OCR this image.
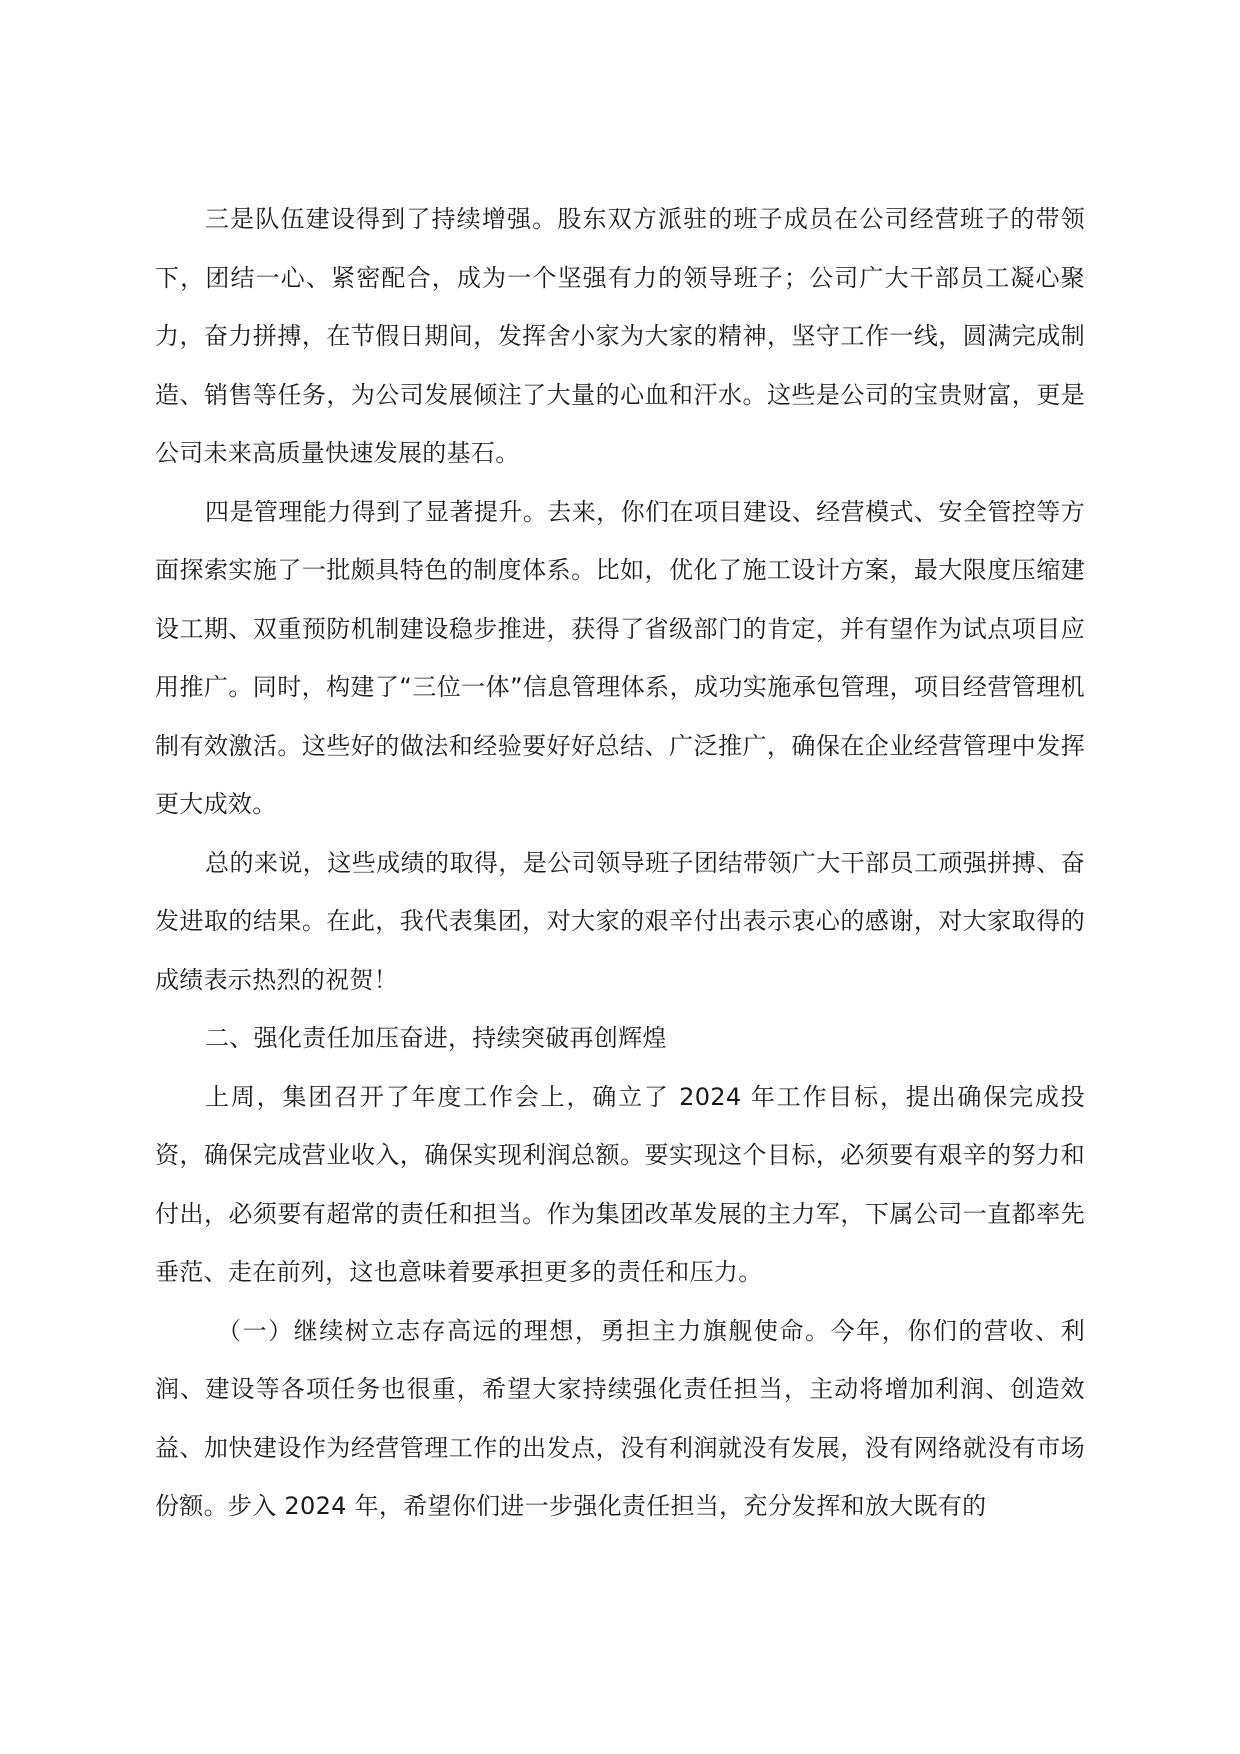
三是队伍建设得到了持续增强。股东双方派驻的班子成员在公司经营班子的带领下，团结一心、紧密配合，成为一个坚强有力的领导班子；公司广大干部员工凝心聚力，奋力拼搏，在节假日期间，发挥舍小家为大家的精神，坚守工作一线，圆满完成制造、销售等任务，为公司发展倾注了大量的心血和汗水。这些是公司的宝贵财富，更是公司未来高质量快速发展的基石。

四是管理能力得到了显著提升。去来，你们在项目建设、经营模式、安全管控等方面探索实施了一批颇具特色的制度体系。比如，优化了施工设计方案，最大限度压缩建设工期、双重预防机制建设稳步推进，获得了省级部门的肯定，并有望作为试点项目应用推广。同时，构建了“三位一体”信息管理体系，成功实施承包管理，项目经营管理机制有效激活。这些好的做法和经验要好好总结、广泛推广，确保在企业经营管理中发挥更大成效。

总的来说，这些成绩的取得，是公司领导班子团结带领广大干部员工顽强拼搏、奋发进取的结果。在此，我代表集团，对大家的艰辛付出表示衷心的感谢，对大家取得的成绩表示热烈的祝贺！

二、强化责任加压奋进，持续突破再创辉煌

上周，集团召开了年度工作会上，确立了 2024 年工作目标，提出确保完成投资，确保完成营业收入，确保实现利润总额。要实现这个目标，必须要有艰辛的努力和付出，必须要有超常的责任和担当。作为集团改革发展的主力军，下属公司一直都率先垂范、走在前列，这也意味着要承担更多的责任和压力。

（一）继续树立志存高远的理想，勇担主力旗舰使命。今年，你们的营收、利润、建设等各项任务也很重，希望大家持续强化责任担当，主动将增加利润、创造效益、加快建设作为经营管理工作的出发点，没有利润就没有发展，没有网络就没有市场份额。步入 2024 年，希望你们进一步强化责任担当，充分发挥和放大既有的
